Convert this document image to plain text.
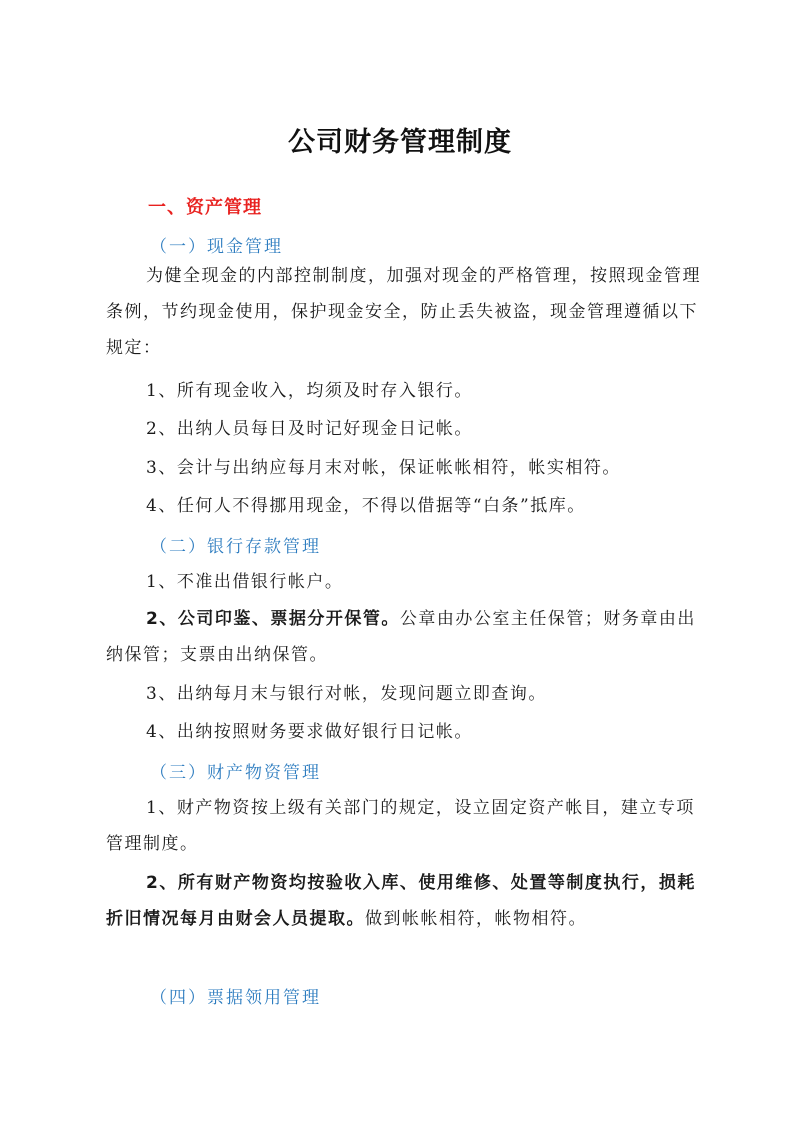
公司财务管理制度
一、资产管理
（一）现金管理
为健全现金的内部控制制度，加强对现金的严格管理，按照现金管理条例，节约现金使用，保护现金安全，防止丢失被盗，现金管理遵循以下规定：
1、所有现金收入，均须及时存入银行。
2、出纳人员每日及时记好现金日记帐。
3、会计与出纳应每月末对帐，保证帐帐相符，帐实相符。
4、任何人不得挪用现金，不得以借据等“白条”抵库。
（二）银行存款管理
1、不准出借银行帐户。
2、公司印鉴、票据分开保管。公章由办公室主任保管；财务章由出纳保管；支票由出纳保管。
3、出纳每月末与银行对帐，发现问题立即查询。
4、出纳按照财务要求做好银行日记帐。
（三）财产物资管理
1、财产物资按上级有关部门的规定，设立固定资产帐目，建立专项管理制度。
2、所有财产物资均按验收入库、使用维修、处置等制度执行，损耗折旧情况每月由财会人员提取。做到帐帐相符，帐物相符。
（四）票据领用管理
